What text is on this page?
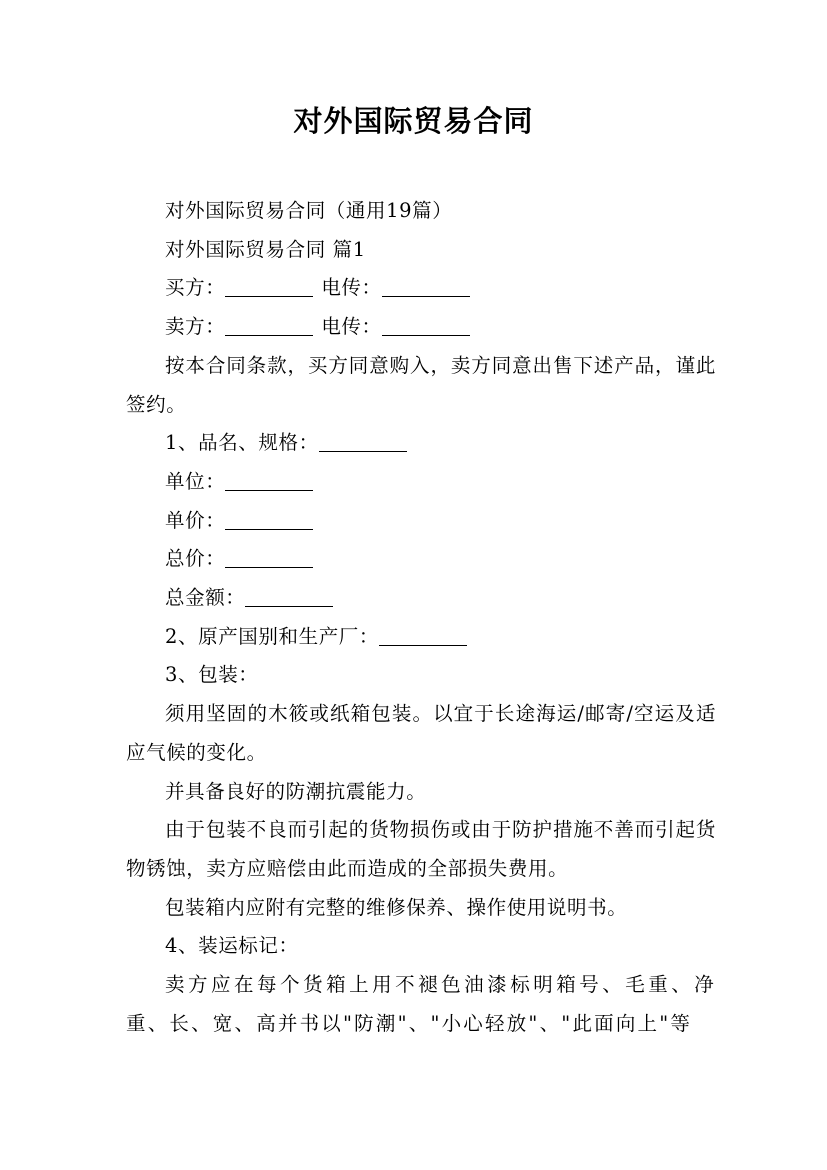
对外国际贸易合同

对外国际贸易合同（通用19篇）

对外国际贸易合同 篇1

买方：	电传：

卖方：	电传：

按本合同条款，买方同意购入，卖方同意出售下述产品，谨此签约。

1、品名、规格：

单位：

单价：

总价：

总金额：

2、原产国别和生产厂：

3、包装：

须用坚固的木筱或纸箱包装。以宜于长途海运/邮寄/空运及适应气候的变化。

并具备良好的防潮抗震能力。

由于包装不良而引起的货物损伤或由于防护措施不善而引起货物锈蚀，卖方应赔偿由此而造成的全部损失费用。

包装箱内应附有完整的维修保养、操作使用说明书。

4、装运标记：

卖方应在每个货箱上用不褪色油漆标明箱号、毛重、净重、长、宽、高并书以"防潮"、"小心轻放"、"此面向上"等
